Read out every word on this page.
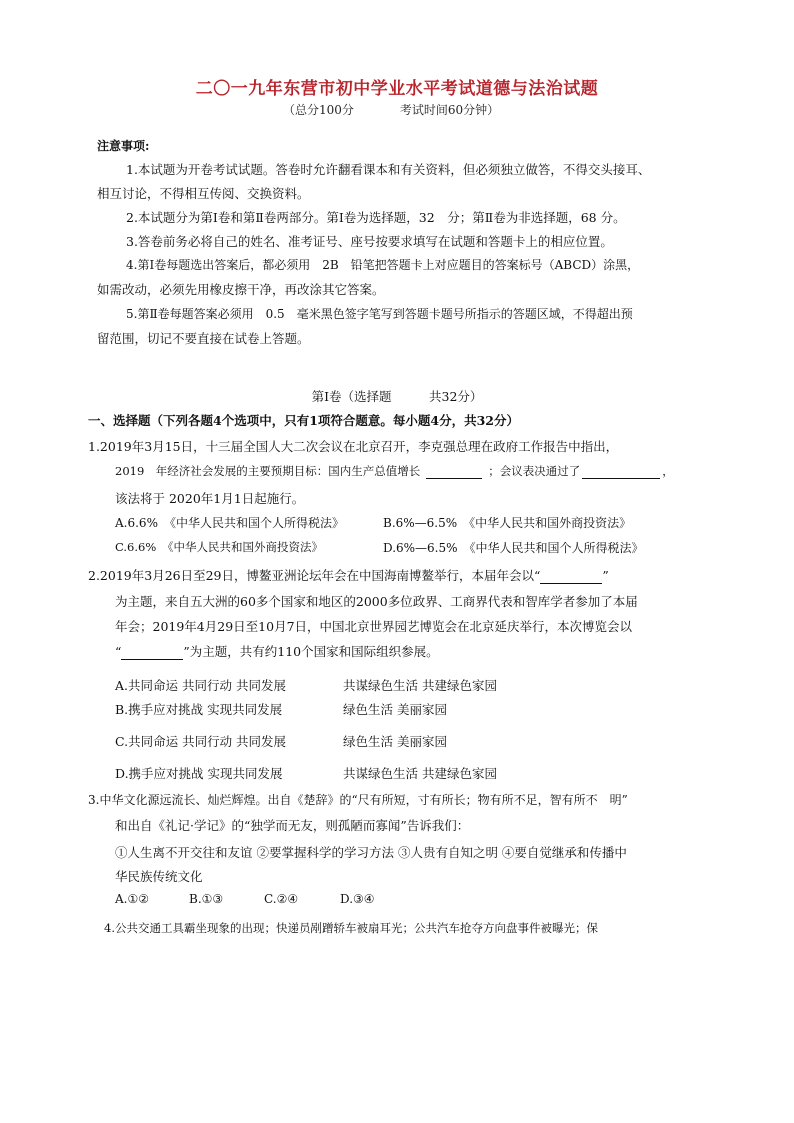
二〇一九年东营市初中学业水平考试道德与法治试题
（总分100分	考试时间60分钟）
注意事项:
1.本试题为开卷考试试题。答卷时允许翻看课本和有关资料，但必须独立做答，不得交头接耳、
相互讨论，不得相互传阅、交换资料。
2.本试题分为第Ⅰ卷和第Ⅱ卷两部分。第Ⅰ卷为选择题，32　分；第Ⅱ卷为非选择题，68 分。
3.答卷前务必将自己的姓名、准考证号、座号按要求填写在试题和答题卡上的相应位置。
4.第Ⅰ卷每题选出答案后，都必须用　2B　铅笔把答题卡上对应题目的答案标号（ABCD）涂黑，
如需改动，必须先用橡皮擦干净，再改涂其它答案。
5.第Ⅱ卷每题答案必须用　0.5　毫米黑色签字笔写到答题卡题号所指示的答题区域，不得超出预
留范围，切记不要直接在试卷上答题。
第Ⅰ卷（选择题　　　共32分）
一、选择题（下列各题4个选项中，只有1项符合题意。每小题4分，共32分）
1.2019年3月15日，十三届全国人大二次会议在北京召开，李克强总理在政府工作报告中指出，
2019　年经济社会发展的主要预期目标：国内生产总值增长	；会议表决通过了	，
该法将于 2020年1月1日起施行。
A.6.6%　《中华人民共和国个人所得税法》	B.6%—6.5%　《中华人民共和国外商投资法》
C.6.6%　《中华人民共和国外商投资法》	D.6%—6.5%　《中华人民共和国个人所得税法》
2.2019年3月26日至29日，博鳌亚洲论坛年会在中国海南博鳌举行，本届年会以“	”
为主题，来自五大洲的60多个国家和地区的2000多位政界、工商界代表和智库学者参加了本届
年会；2019年4月29日至10月7日，中国北京世界园艺博览会在北京延庆举行，本次博览会以
“	”为主题，共有约110个国家和国际组织参展。
A.共同命运 共同行动 共同发展	共谋绿色生活 共建绿色家园
B.携手应对挑战 实现共同发展	绿色生活 美丽家园
C.共同命运 共同行动 共同发展	绿色生活 美丽家园
D.携手应对挑战 实现共同发展	共谋绿色生活 共建绿色家园
3.中华文化源远流长、灿烂辉煌。出自《楚辞》的“尺有所短，寸有所长；物有所不足，智有所不　明”
和出自《礼记·学记》的“独学而无友，则孤陋而寡闻”告诉我们：
①人生离不开交往和友谊 ②要掌握科学的学习方法 ③人贵有自知之明 ④要自觉继承和传播中
华民族传统文化
A.①②	B.①③	C.②④	D.③④
4.公共交通工具霸坐现象的出现；快递员剐蹭轿车被扇耳光；公共汽车抢夺方向盘事件被曝光；保
